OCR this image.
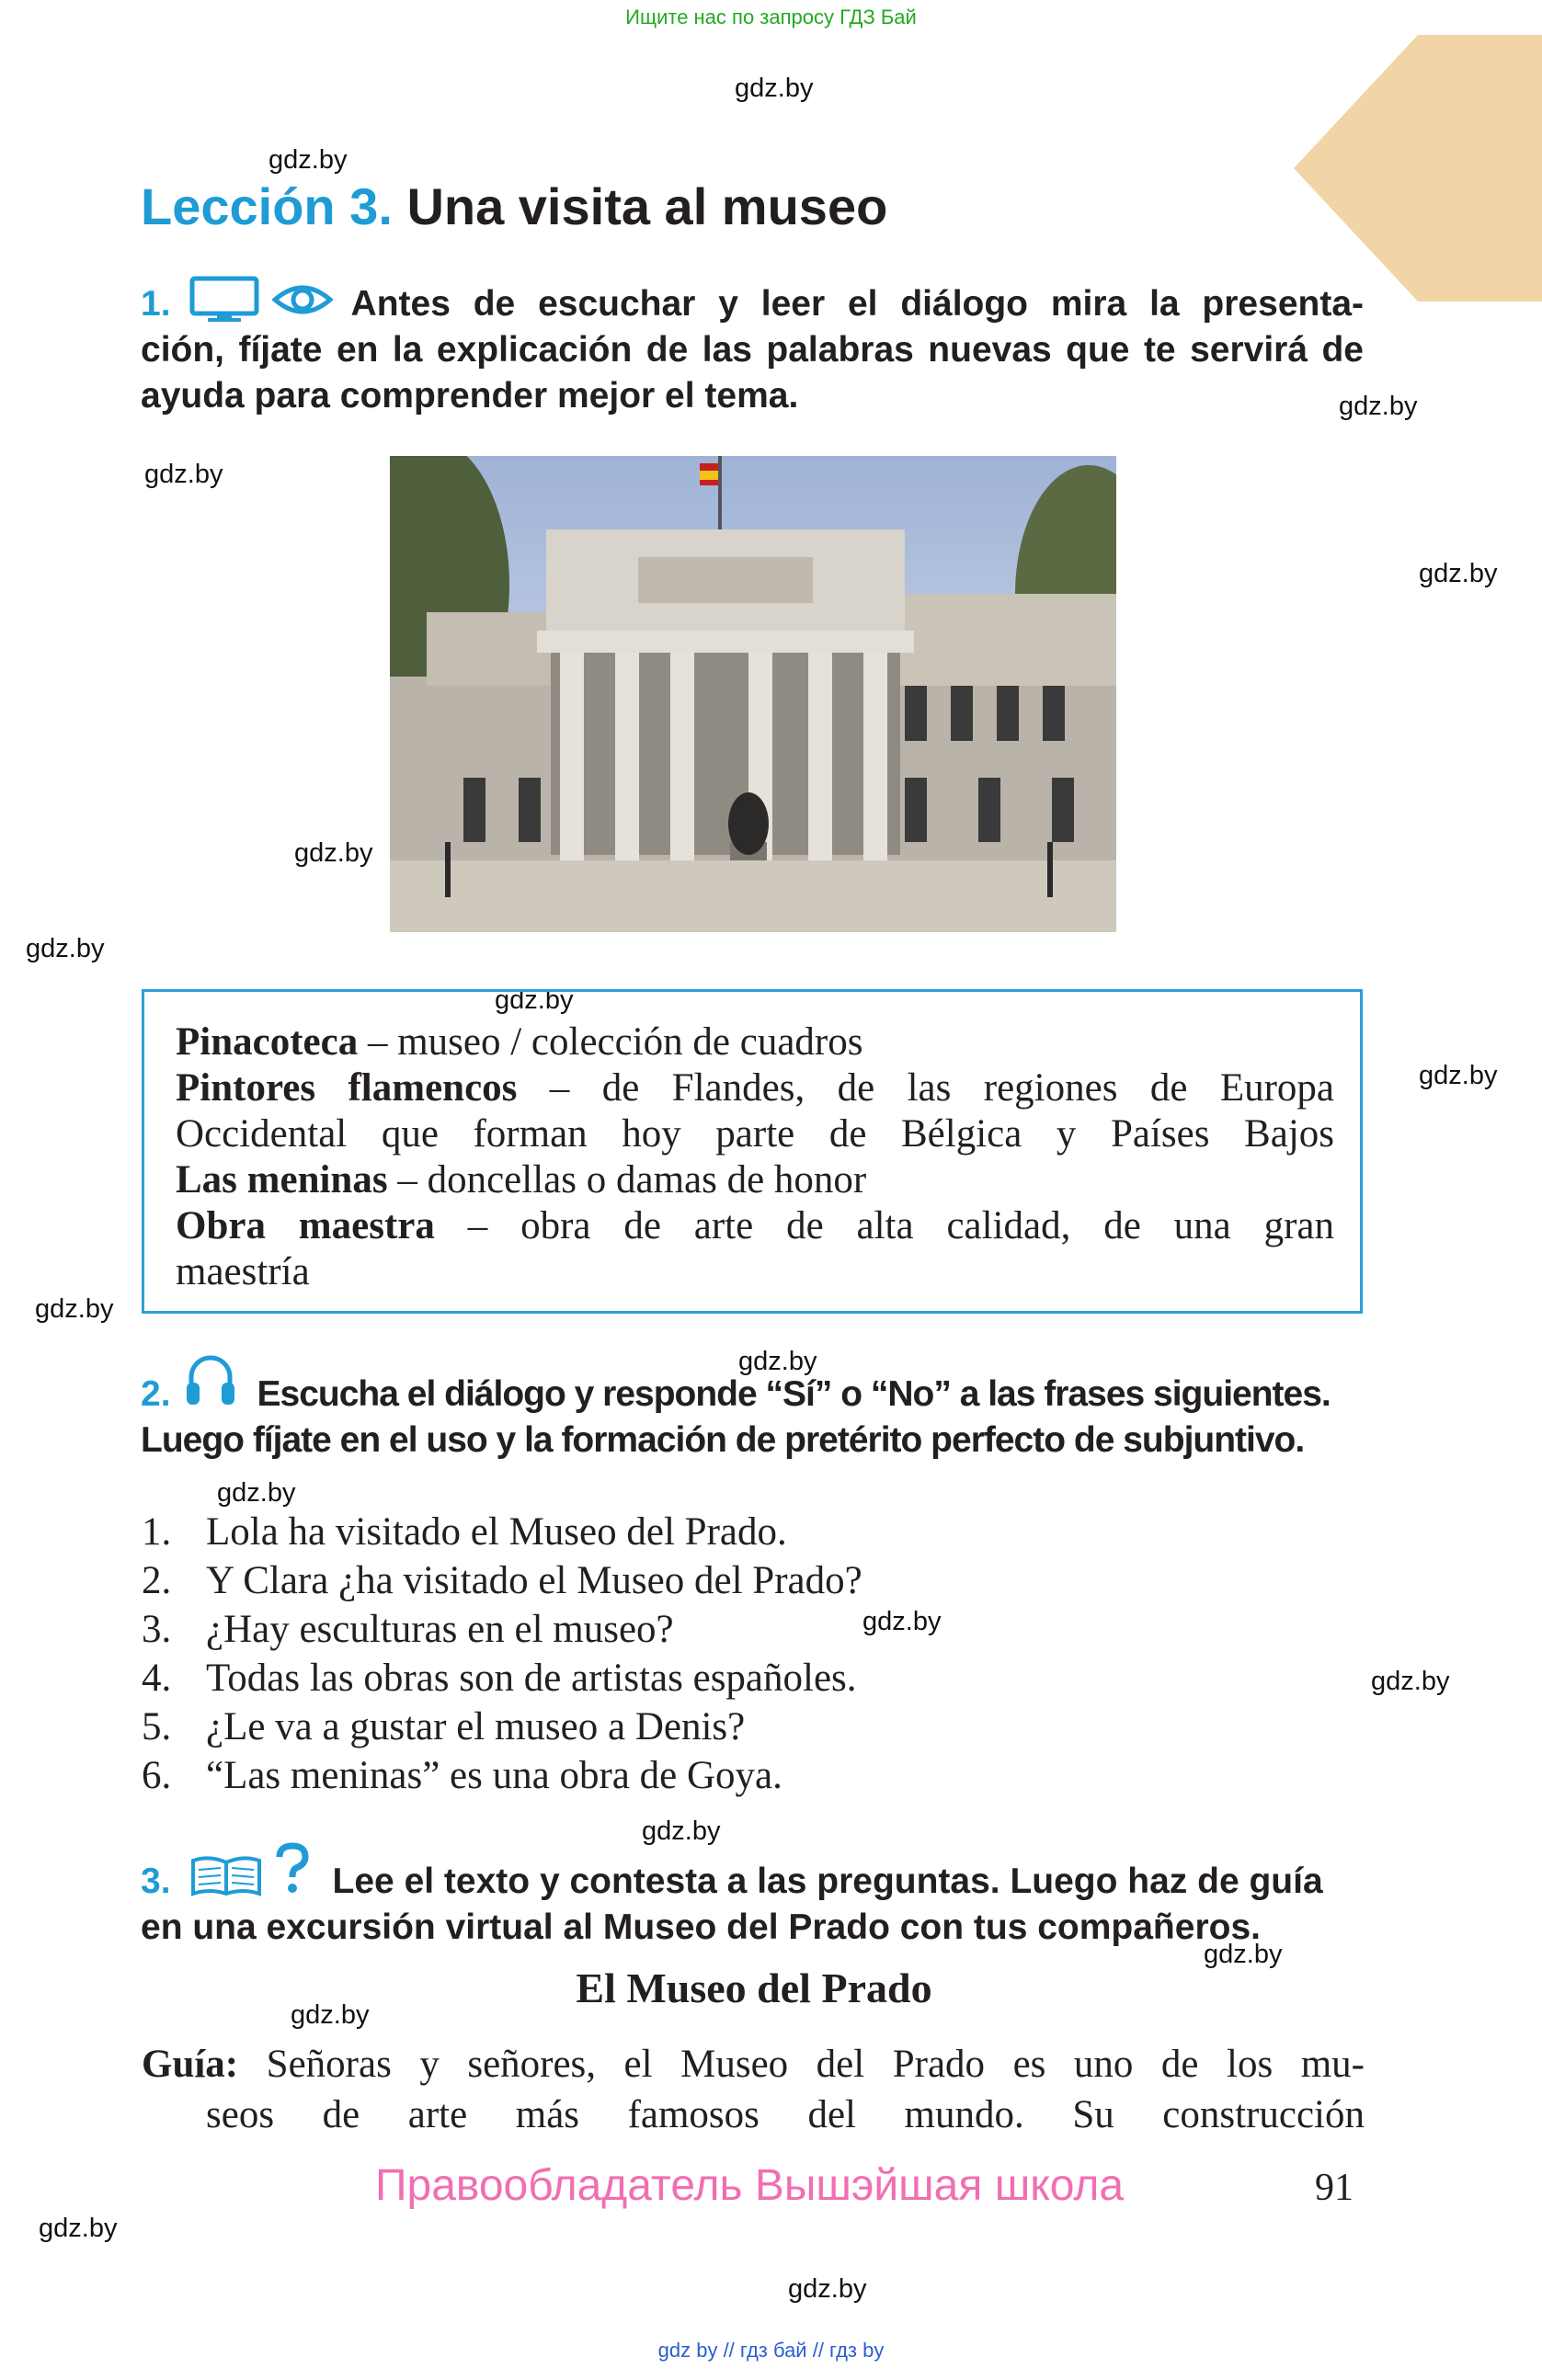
Ищите нас по запросу ГДЗ Бай
gdz.by
gdz.by
gdz.by
gdz.by
gdz.by
gdz.by
gdz.by
gdz.by
gdz.by
gdz.by
gdz.by
gdz.by
gdz.by
gdz.by
gdz.by
gdz.by
gdz.by
gdz.by
gdz.by
Lección 3. Una visita al museo
1.	Antes de escuchar y leer el diálogo mira la presenta-
ción, fíjate en la explicación de las palabras nuevas que te servirá de
ayuda para comprender mejor el tema.
Pinacoteca – museo / colección de cuadros
Pintores flamencos – de Flandes, de las regiones de Europa
Occidental que forman hoy parte de Bélgica y Países Bajos
Las meninas – doncellas o damas de honor
Obra maestra – obra de arte de alta calidad, de una gran
maestría
2. Escucha el diálogo y responde “Sí” o “No” a las frases siguientes.
Luego fíjate en el uso y la formación de pretérito perfecto de subjuntivo.
1. Lola ha visitado el Museo del Prado.
2. Y Clara ¿ha visitado el Museo del Prado?
3. ¿Hay esculturas en el museo?
4. Todas las obras son de artistas españoles.
5. ¿Le va a gustar el museo a Denis?
6. “Las meninas” es una obra de Goya.
3.	Lee el texto y contesta a las preguntas. Luego haz de guía
en una excursión virtual al Museo del Prado con tus compañeros.
El Museo del Prado
Guía: Señoras y señores, el Museo del Prado es uno de los mu-
seos de arte más famosos del mundo. Su construcción
Правообладатель Вышэйшая школа	91
gdz by // гдз бай // гдз by
